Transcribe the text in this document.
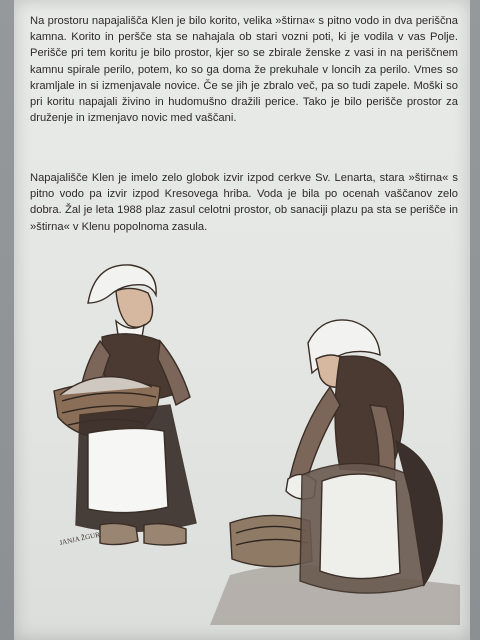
Na prostoru napajališča Klen je bilo korito, velika »štirna« s pitno vodo in dva periščna kamna. Korito in peršče sta se nahajala ob stari vozni poti, ki je vodila v vas Polje. Perišče pri tem koritu je bilo prostor, kjer so se zbirale ženske z vasi in na periščnem kamnu spirale perilo, potem, ko so ga doma že prekuhale v loncih za perilo. Vmes so kramljale in si izmenjavale novice. Če se jih je zbralo več, pa so tudi zapele. Moški so pri koritu napajali živino in hudomušno dražili perice. Tako je bilo perišče prostor za druženje in izmenjavo novic med vaščani.

Napajališče Klen je imelo zelo globok izvir izpod cerkve Sv. Lenarta, stara »štirna« s pitno vodo pa izvir izpod Kresovega hriba. Voda je bila po ocenah vaščanov zelo dobra. Žal je leta 1988 plaz zasul celotni prostor, ob sanaciji plazu pa sta se perišče in »štirna« v Klenu popolnoma zasula.

JANJA ŽGUR
